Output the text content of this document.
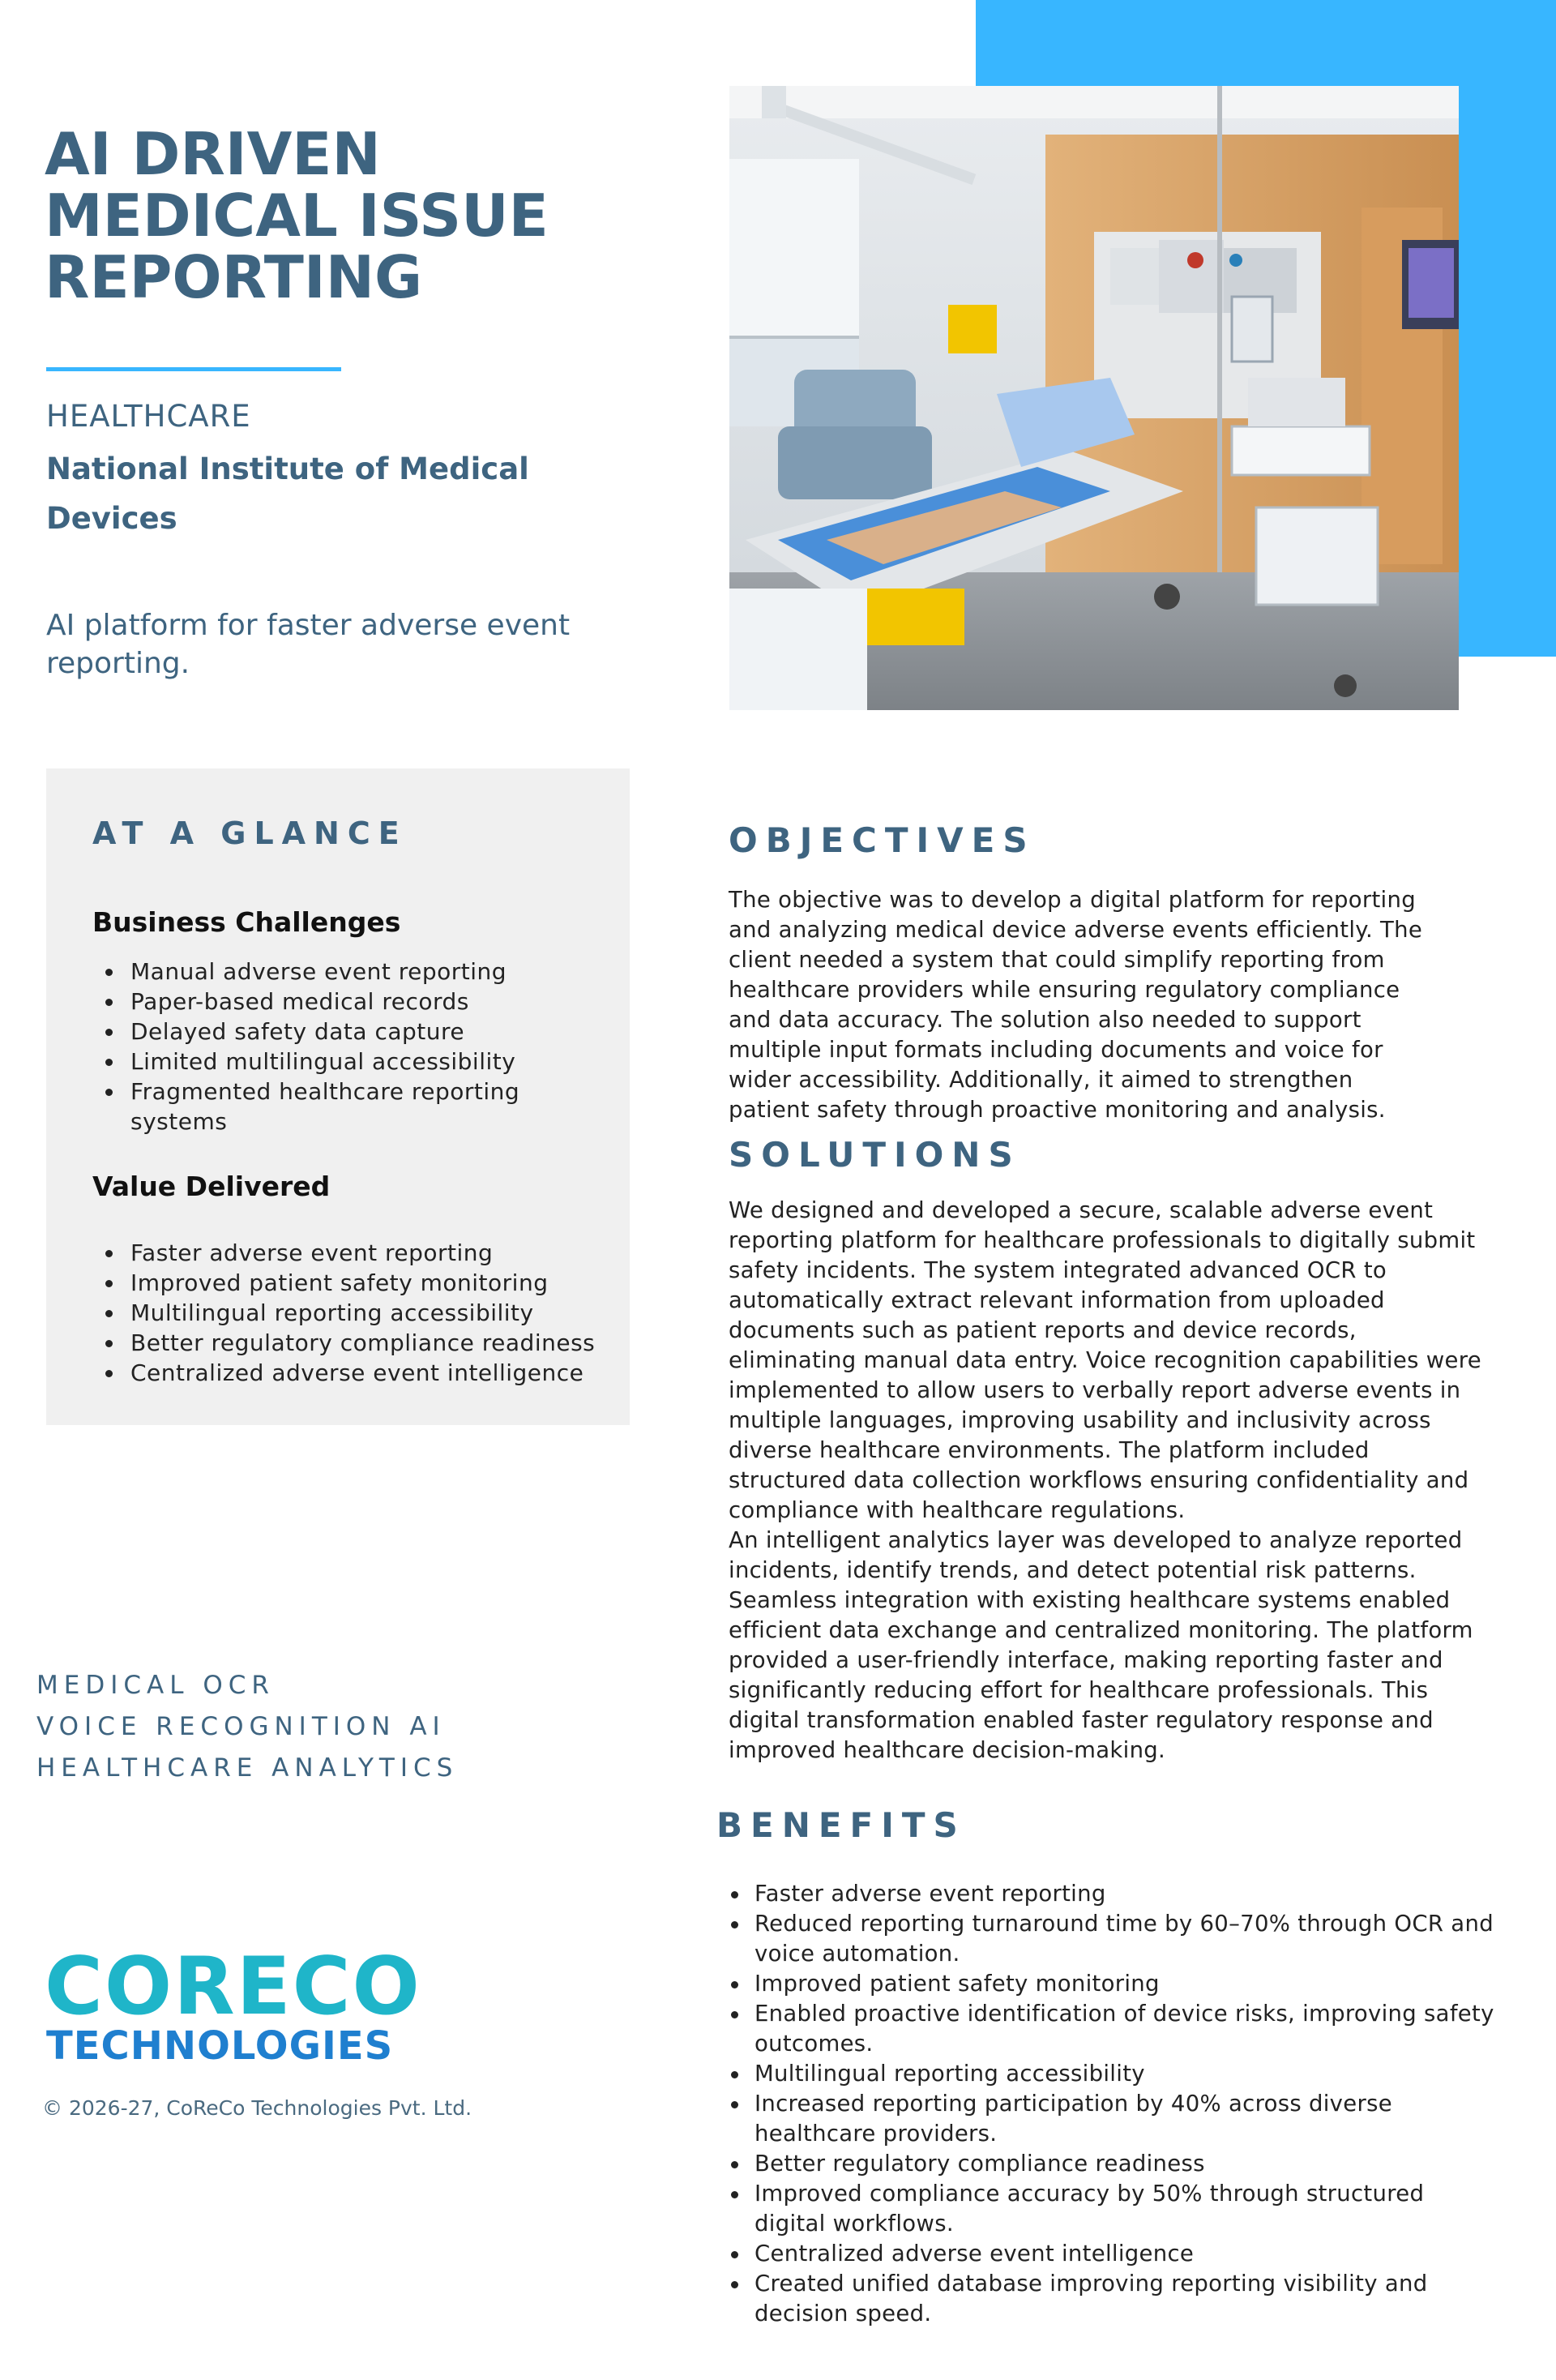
AI DRIVEN
MEDICAL ISSUE
REPORTING
HEALTHCARE
National Institute of Medical Devices
AI platform for faster adverse event reporting.
AT A GLANCE
Business Challenges
Manual adverse event reporting
Paper-based medical records
Delayed safety data capture
Limited multilingual accessibility
Fragmented healthcare reporting systems
Value Delivered
Faster adverse event reporting
Improved patient safety monitoring
Multilingual reporting accessibility
Better regulatory compliance readiness
Centralized adverse event intelligence
OBJECTIVES

The objective was to develop a digital platform for reporting and analyzing medical device adverse events efficiently. The client needed a system that could simplify reporting from healthcare providers while ensuring regulatory compliance and data accuracy. The solution also needed to support multiple input formats including documents and voice for wider accessibility. Additionally, it aimed to strengthen patient safety through proactive monitoring and analysis.

SOLUTIONS

We designed and developed a secure, scalable adverse event reporting platform for healthcare professionals to digitally submit safety incidents. The system integrated advanced OCR to automatically extract relevant information from uploaded documents such as patient reports and device records, eliminating manual data entry. Voice recognition capabilities were implemented to allow users to verbally report adverse events in multiple languages, improving usability and inclusivity across diverse healthcare environments. The platform included structured data collection workflows ensuring confidentiality and compliance with healthcare regulations.

An intelligent analytics layer was developed to analyze reported incidents, identify trends, and detect potential risk patterns. Seamless integration with existing healthcare systems enabled efficient data exchange and centralized monitoring. The platform provided a user-friendly interface, making reporting faster and significantly reducing effort for healthcare professionals. This digital transformation enabled faster regulatory response and improved healthcare decision-making.

MEDICAL OCR
VOICE RECOGNITION AI
HEALTHCARE ANALYTICS
BENEFITS
Faster adverse event reporting
Reduced reporting turnaround time by 60–70% through OCR and voice automation.
Improved patient safety monitoring
Enabled proactive identification of device risks, improving safety outcomes.
Multilingual reporting accessibility
Increased reporting participation by 40% across diverse healthcare providers.
Better regulatory compliance readiness
Improved compliance accuracy by 50% through structured digital workflows.
Centralized adverse event intelligence
Created unified database improving reporting visibility and decision speed.
CORECO
TECHNOLOGIES
© 2026-27, CoReCo Technologies Pvt. Ltd.
